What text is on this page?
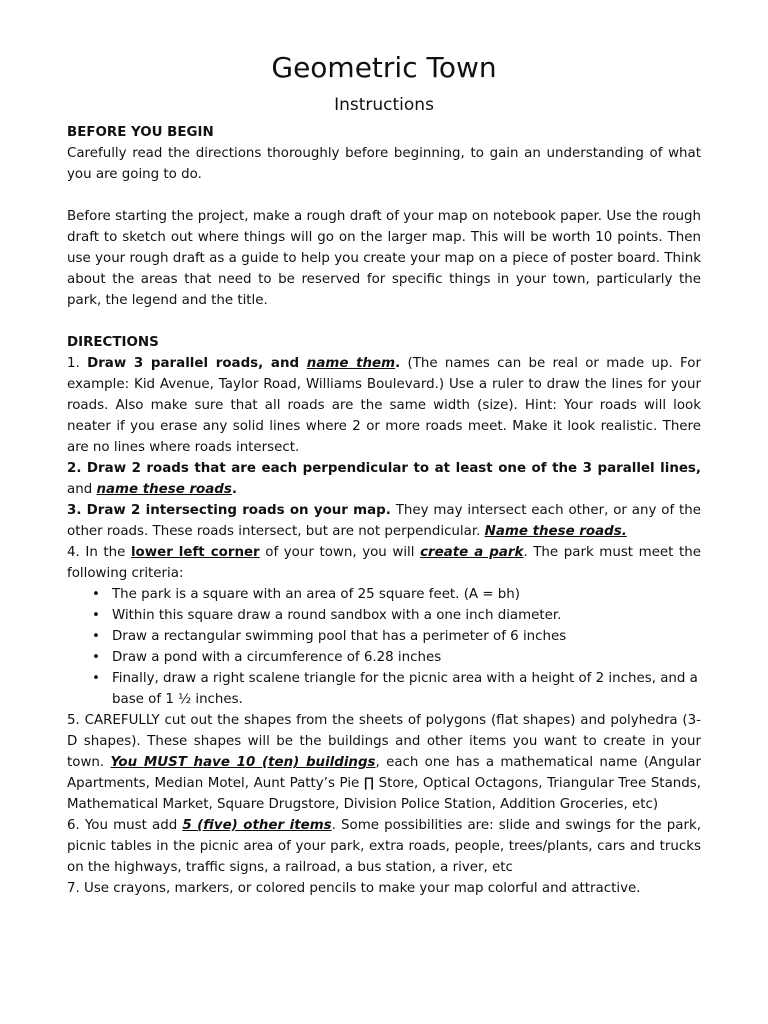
Geometric Town
Instructions

BEFORE YOU BEGIN

Carefully read the directions thoroughly before beginning, to gain an understanding of what you are going to do.

Before starting the project, make a rough draft of your map on notebook paper. Use the rough draft to sketch out where things will go on the larger map. This will be worth 10 points. Then use your rough draft as a guide to help you create your map on a piece of poster board. Think about the areas that need to be reserved for specific things in your town, particularly the park, the legend and the title.

DIRECTIONS

1. Draw 3 parallel roads, and name them. (The names can be real or made up. For example: Kid Avenue, Taylor Road, Williams Boulevard.) Use a ruler to draw the lines for your roads. Also make sure that all roads are the same width (size). Hint: Your roads will look neater if you erase any solid lines where 2 or more roads meet. Make it look realistic. There are no lines where roads intersect.

2. Draw 2 roads that are each perpendicular to at least one of the 3 parallel lines, and name these roads.

3. Draw 2 intersecting roads on your map. They may intersect each other, or any of the other roads. These roads intersect, but are not perpendicular. Name these roads.

4. In the lower left corner of your town, you will create a park. The park must meet the following criteria:

• The park is a square with an area of 25 square feet. (A = bh)
• Within this square draw a round sandbox with a one inch diameter.
• Draw a rectangular swimming pool that has a perimeter of 6 inches
• Draw a pond with a circumference of 6.28 inches
• Finally, draw a right scalene triangle for the picnic area with a height of 2 inches, and a base of 1 ½ inches.

5. CAREFULLY cut out the shapes from the sheets of polygons (flat shapes) and polyhedra (3-D shapes). These shapes will be the buildings and other items you want to create in your town. You MUST have 10 (ten) buildings, each one has a mathematical name (Angular Apartments, Median Motel, Aunt Patty’s Pie ∏ Store, Optical Octagons, Triangular Tree Stands, Mathematical Market, Square Drugstore, Division Police Station, Addition Groceries, etc)

6. You must add 5 (five) other items. Some possibilities are: slide and swings for the park, picnic tables in the picnic area of your park, extra roads, people, trees/plants, cars and trucks on the highways, traffic signs, a railroad, a bus station, a river, etc

7. Use crayons, markers, or colored pencils to make your map colorful and attractive.
